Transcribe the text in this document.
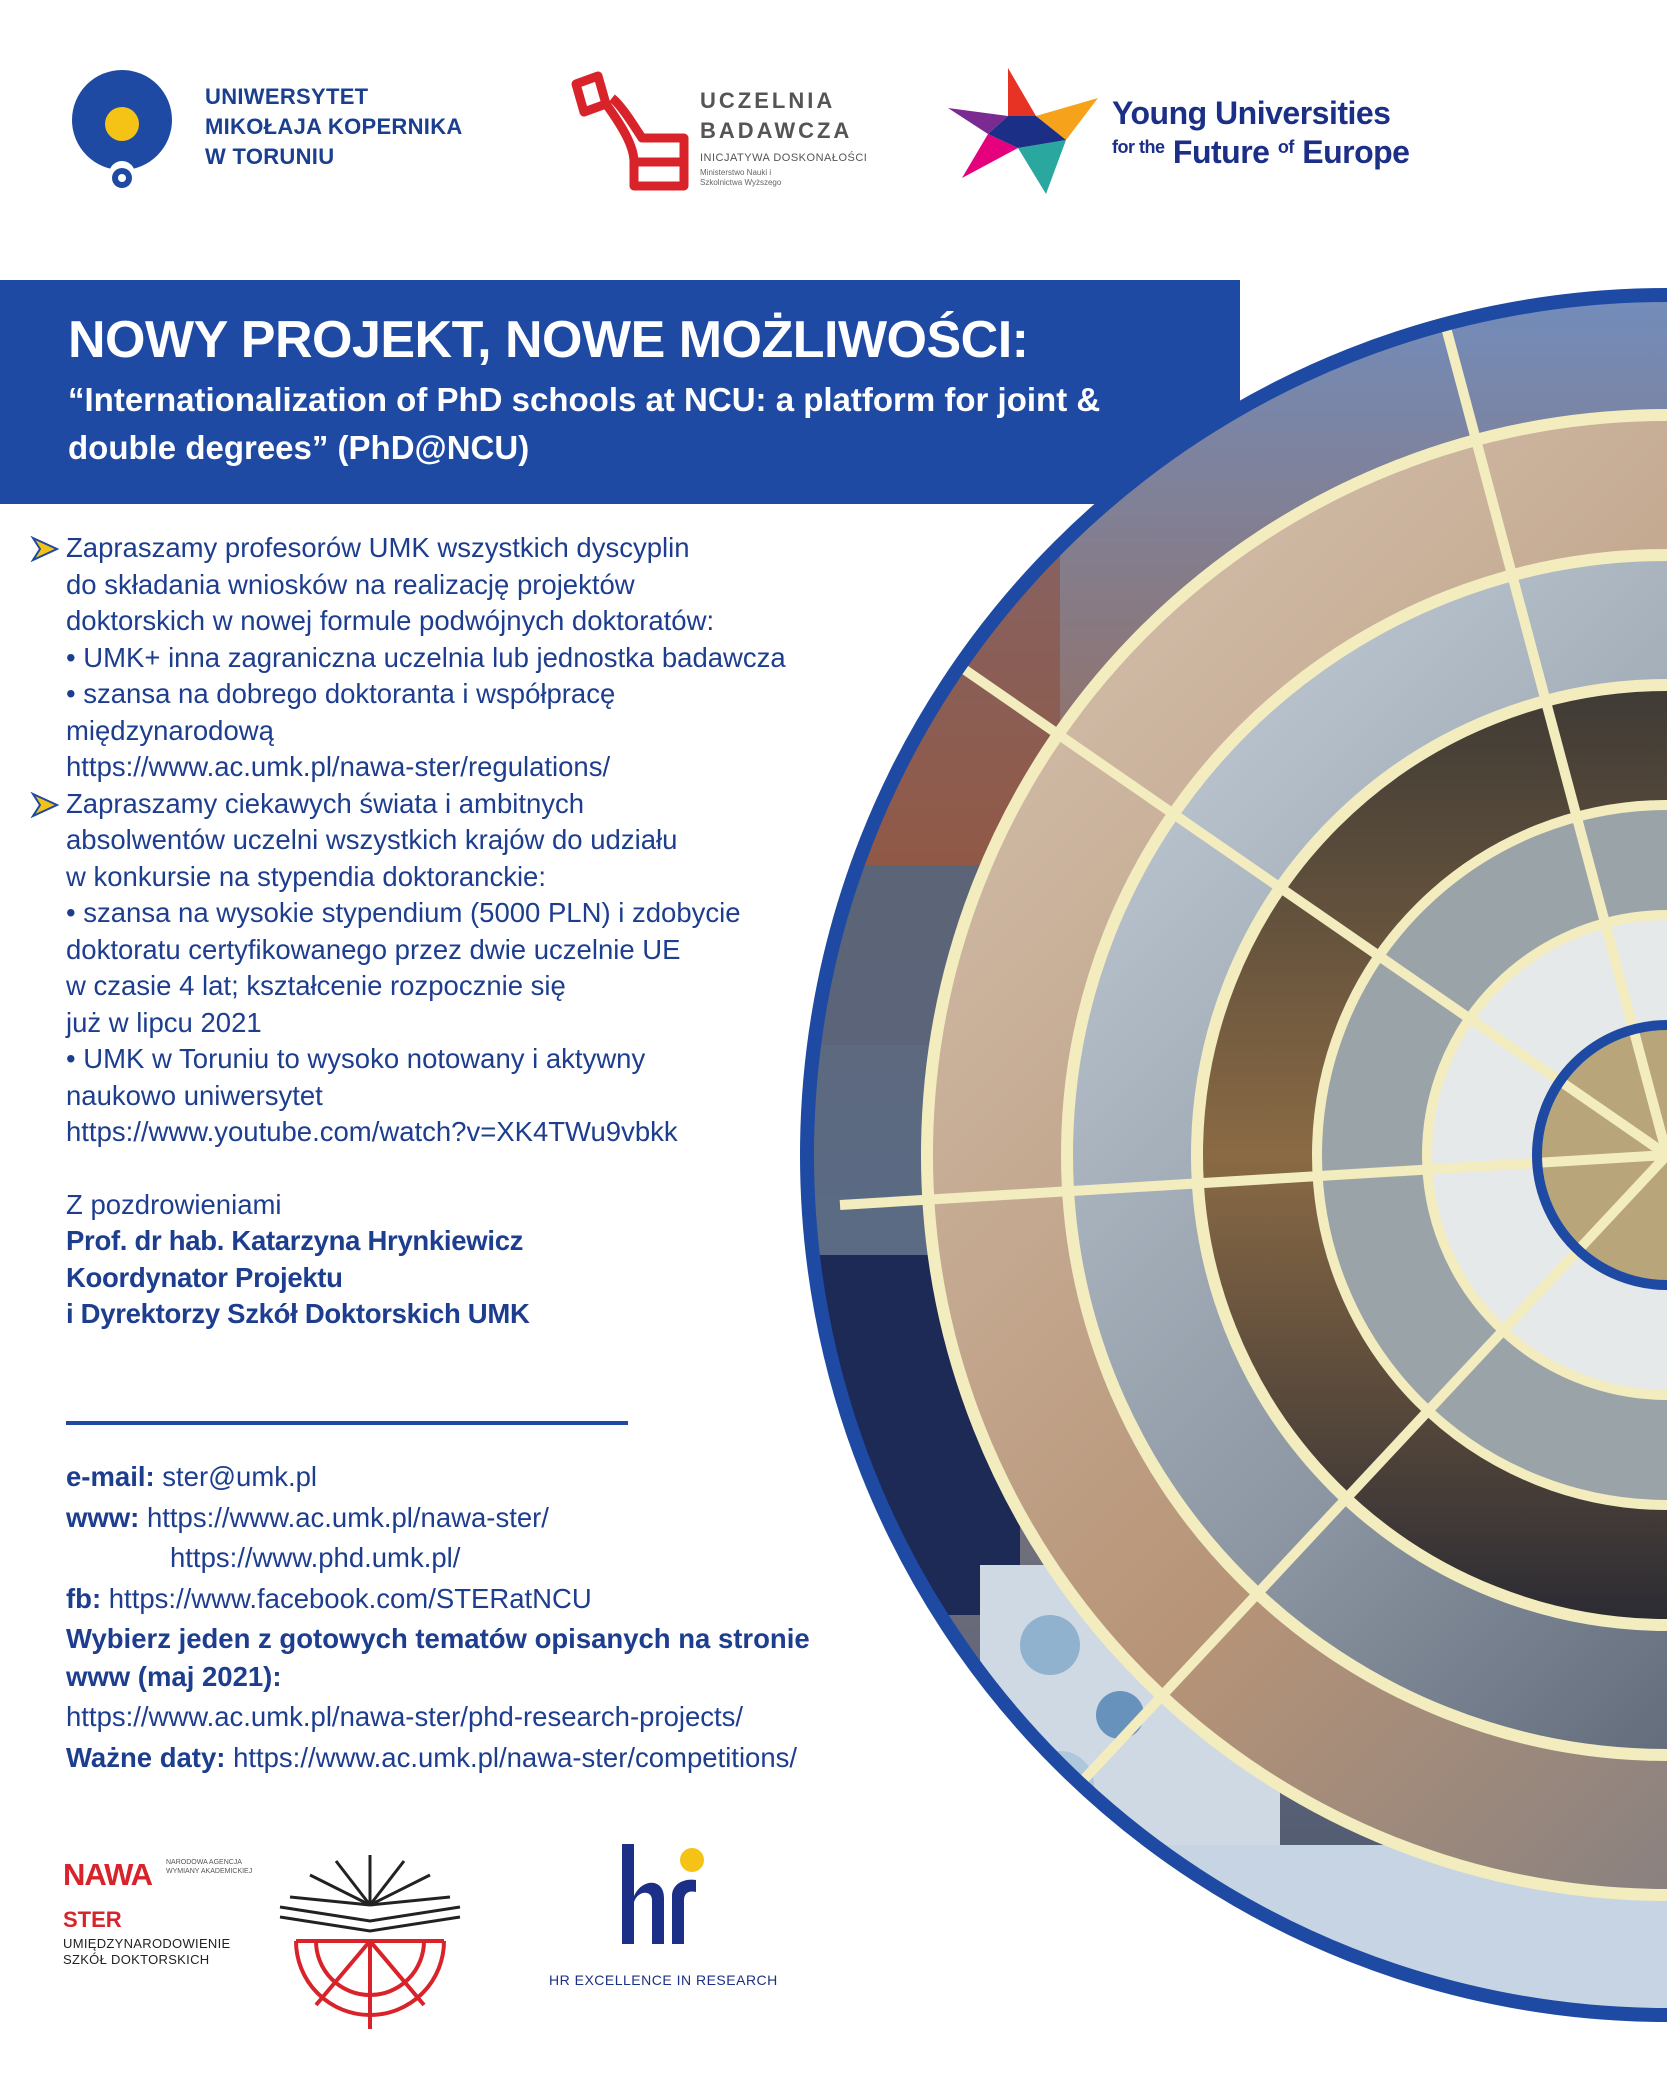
UNIWERSYTET
MIKOŁAJA KOPERNIKA
W TORUNIU
UCZELNIA
BADAWCZA
INICJATYWA DOSKONAŁOŚCI
Ministerstwo Nauki i Szkolnictwa Wyższego
Young Universities
$^{for the}$ Future $^{of}$ Europe
NOWY PROJEKT, NOWE MOŻLIWOŚCI:
“Internationalization of PhD schools at NCU: a platform for joint & double degrees” (PhD@NCU)

Zapraszamy profesorów UMK wszystkich dyscyplin

do składania wniosków na realizację projektów

doktorskich w nowej formule podwójnych doktoratów:

• UMK+ inna zagraniczna uczelnia lub jednostka badawcza

• szansa na dobrego doktoranta i współpracę

międzynarodową

https://www.ac.umk.pl/nawa-ster/regulations/

Zapraszamy ciekawych świata i ambitnych

absolwentów uczelni wszystkich krajów do udziału

w konkursie na stypendia doktoranckie:

• szansa na wysokie stypendium (5000 PLN) i zdobycie

doktoratu certyfikowanego przez dwie uczelnie UE

w czasie 4 lat; kształcenie rozpocznie się

już w lipcu 2021

• UMK w Toruniu to wysoko notowany i aktywny

naukowo uniwersytet

https://www.youtube.com/watch?v=XK4TWu9vbkk

Z pozdrowieniami

Prof. dr hab. Katarzyna Hrynkiewicz

Koordynator Projektu

i Dyrektorzy Szkół Doktorskich UMK

e-mail: ster@umk.pl
www: https://www.ac.umk.pl/nawa-ster/
https://www.phd.umk.pl/
fb: https://www.facebook.com/STERatNCU
Wybierz jeden z gotowych tematów opisanych na stronie
www (maj 2021):
https://www.ac.umk.pl/nawa-ster/phd-research-projects/
Ważne daty: https://www.ac.umk.pl/nawa-ster/competitions/
NAWA NARODOWA AGENCJA WYMIANY AKADEMICKIEJ
STER
UMIĘDZYNARODOWIENIE
SZKÓŁ DOKTORSKICH
HR EXCELLENCE IN RESEARCH
